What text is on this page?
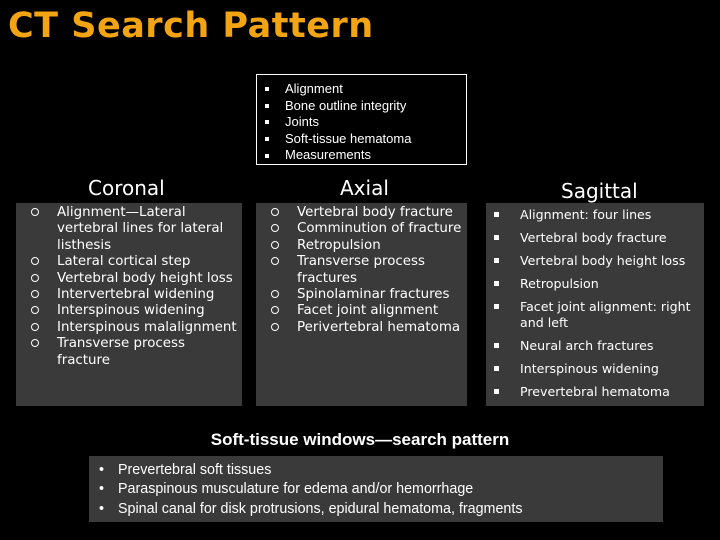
CT Search Pattern
Alignment
Bone outline integrity
Joints
Soft-tissue hematoma
Measurements
Coronal	Axial	Sagittal
Alignment—Lateral vertebral lines for lateral listhesis
Lateral cortical step
Vertebral body height loss
Intervertebral widening
Interspinous widening
Interspinous malalignment
Transverse process fracture
Vertebral body fracture
Comminution of fracture
Retropulsion
Transverse process fractures
Spinolaminar fractures
Facet joint alignment
Perivertebral hematoma
Alignment: four lines
Vertebral body fracture
Vertebral body height loss
Retropulsion
Facet joint alignment: right and left
Neural arch fractures
Interspinous widening
Prevertebral hematoma
Soft-tissue windows—search pattern
• Prevertebral soft tissues
• Paraspinous musculature for edema and/or hemorrhage
• Spinal canal for disk protrusions, epidural hematoma, fragments
